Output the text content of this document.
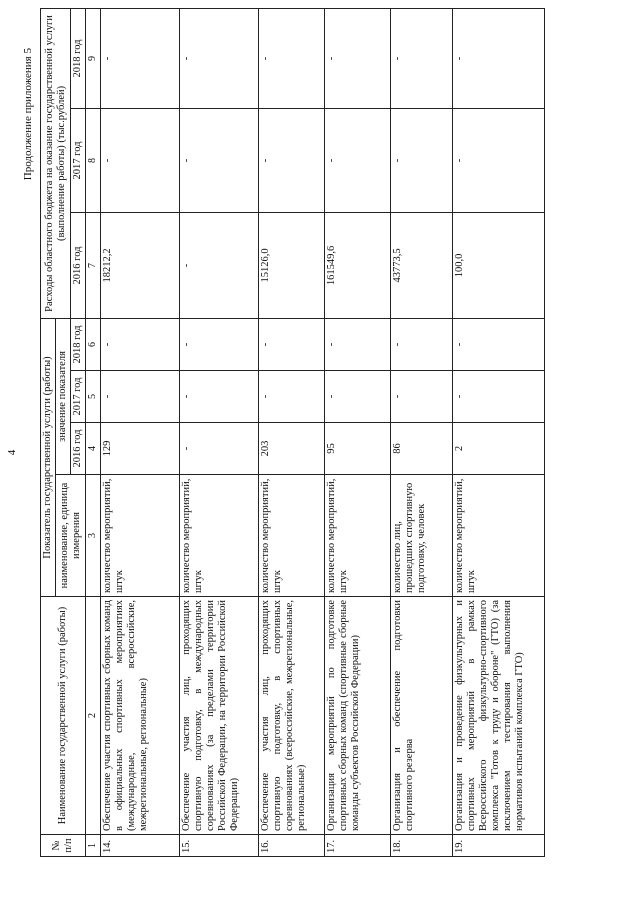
4
Продолжение приложения 5
№ п/п	Наименование государственной услуги (работы)	Показатель государственной услуги (работы)				Расходы областного бюджета на оказание государственной услуги (выполнение работы) (тыс.рублей)		
		наименование, единица измерения	значение показателя					
			2016 год	2017 год	2018 год	2016 год	2017 год	2018 год
1	2	3	4	5	6	7	8	9
14.	Обеспечение участия спортивных сборных команд в официальных спортивных мероприятиях (международные, всероссийские, межрегиональные, региональные)	количество мероприятий, штук	129	-	-	18212,2	-	-
15.	Обеспечение участия лиц, проходящих спортивную подготовку, в международных соревнованиях (за пределами территории Российской Федерации, на территории Российской Федерации)	количество мероприятий, штук	-	-	-	-	-	-
16.	Обеспечение участия лиц, проходящих спортивную подготовку, в спортивных соревнованиях (всероссийские, межрегиональные, региональные)	количество мероприятий, штук	203	-	-	15126,0	-	-
17.	Организация мероприятий по подготовке спортивных сборных команд (спортивные сборные команды субъектов Российской Федерации)	количество мероприятий, штук	95	-	-	161549,6	-	-
18.	Организация и обеспечение подготовки спортивного резерва	количество лиц, прошедших спортивную подготовку, человек	86	-	-	43773,5	-	-
19.	Организация и проведение физкультурных и спортивных мероприятий в рамках Всероссийского физкультурно-спортивного комплекса "Готов к труду и обороне" (ГТО) (за исключением тестирования выполнения нормативов испытаний комплекса ГТО)	количество мероприятий, штук	2	-	-	100,0	-	-
